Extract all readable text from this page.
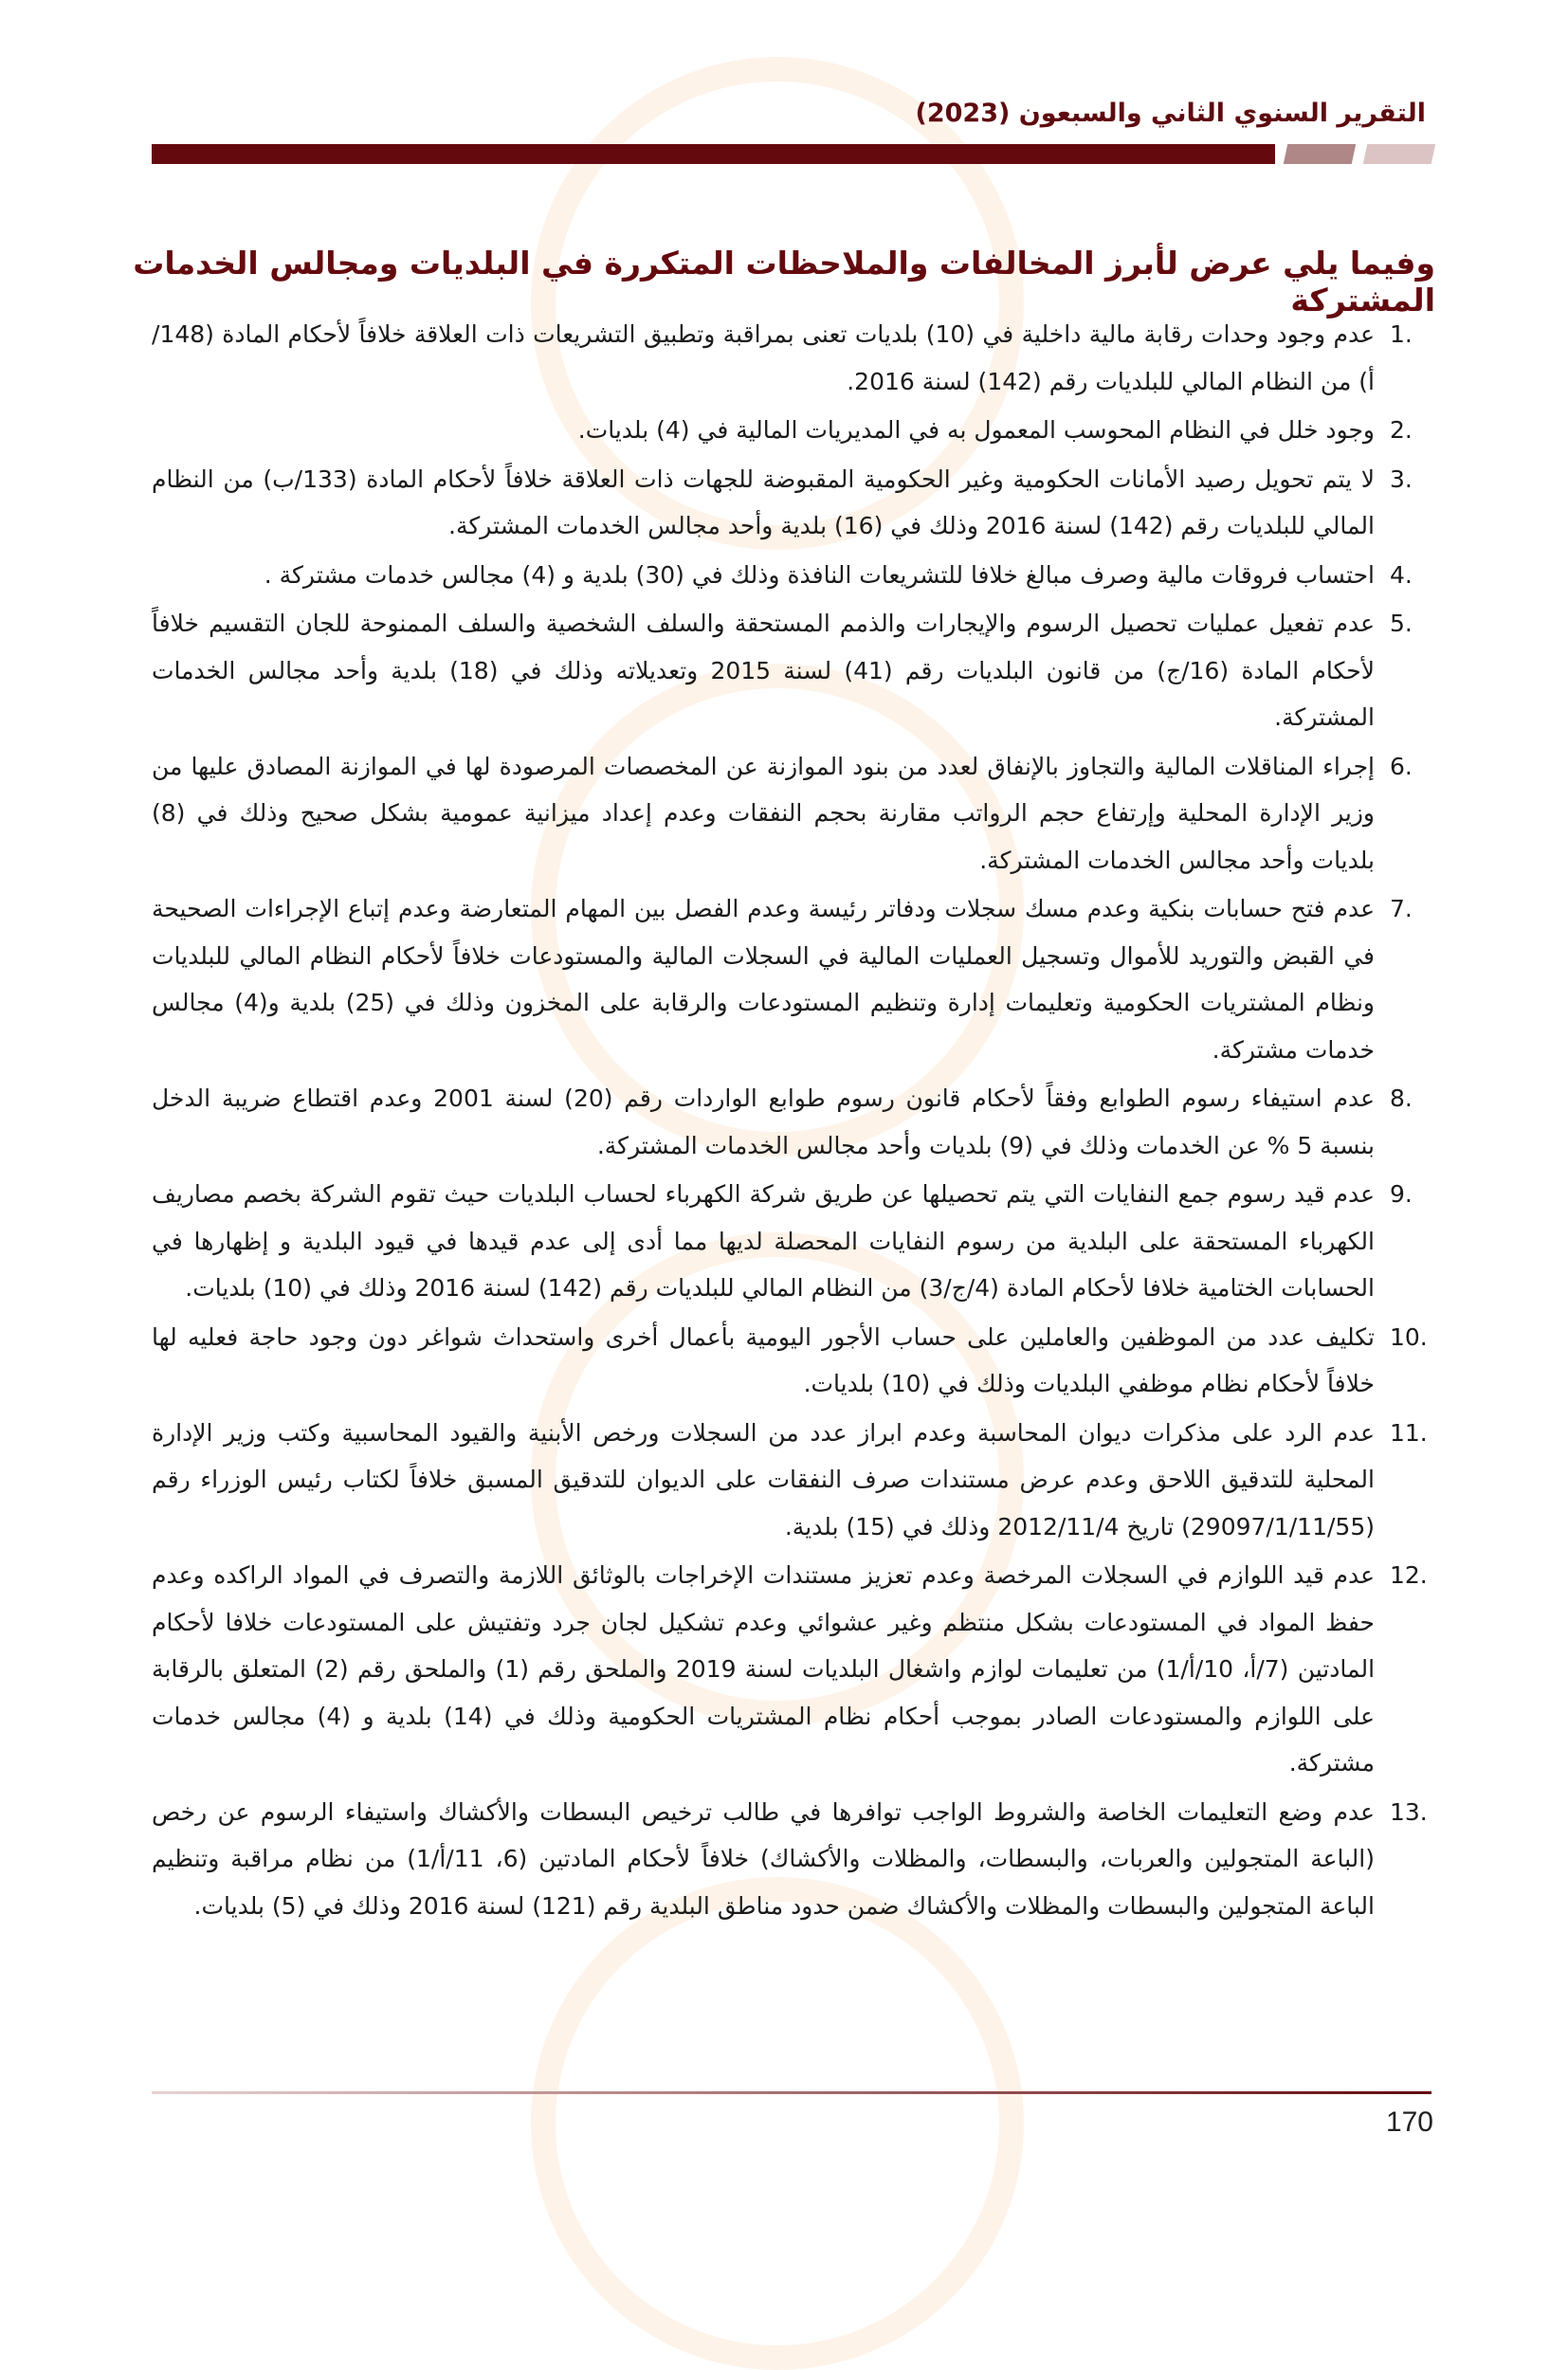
التقرير السنوي الثاني والسبعون (2023)
وفيما يلي عرض لأبرز المخالفات والملاحظات المتكررة في البلديات ومجالس الخدمات المشتركة
1.
عدم وجود وحدات رقابة مالية داخلية في (10) بلديات تعنى بمراقبة وتطبيق التشريعات ذات العلاقة خلافاً لأحكام المادة (148/أ) من النظام المالي للبلديات رقم (142) لسنة 2016.
2.
وجود خلل في النظام المحوسب المعمول به في المديريات المالية في (4) بلديات.
3.
لا يتم تحويل رصيد الأمانات الحكومية وغير الحكومية المقبوضة للجهات ذات العلاقة خلافاً لأحكام المادة (133/ب) من النظام المالي للبلديات رقم (142) لسنة 2016 وذلك في (16) بلدية وأحد مجالس الخدمات المشتركة.
4.
احتساب فروقات مالية وصرف مبالغ خلافا للتشريعات النافذة وذلك في (30) بلدية و (4) مجالس خدمات مشتركة .
5.
عدم تفعيل عمليات تحصيل الرسوم والإيجارات والذمم المستحقة والسلف الشخصية والسلف الممنوحة للجان التقسيم خلافاً لأحكام المادة (16/ج) من قانون البلديات رقم (41) لسنة 2015 وتعديلاته وذلك في (18) بلدية وأحد مجالس الخدمات المشتركة.
6.
إجراء المناقلات المالية والتجاوز بالإنفاق لعدد من بنود الموازنة عن المخصصات المرصودة لها في الموازنة المصادق عليها من وزير الإدارة المحلية وإرتفاع حجم الرواتب مقارنة بحجم النفقات وعدم إعداد ميزانية عمومية بشكل صحيح وذلك في (8) بلديات وأحد مجالس الخدمات المشتركة.
7.
عدم فتح حسابات بنكية وعدم مسك سجلات ودفاتر رئيسة وعدم الفصل بين المهام المتعارضة وعدم إتباع الإجراءات الصحيحة في القبض والتوريد للأموال وتسجيل العمليات المالية في السجلات المالية والمستودعات خلافاً لأحكام النظام المالي للبلديات ونظام المشتريات الحكومية وتعليمات إدارة وتنظيم المستودعات والرقابة على المخزون وذلك في (25) بلدية و(4) مجالس خدمات مشتركة.
8.
عدم استيفاء رسوم الطوابع وفقاً لأحكام قانون رسوم طوابع الواردات رقم (20) لسنة 2001 وعدم اقتطاع ضريبة الدخل بنسبة 5 % عن الخدمات وذلك في (9) بلديات وأحد مجالس الخدمات المشتركة.
9.
عدم قيد رسوم جمع النفايات التي يتم تحصيلها عن طريق شركة الكهرباء لحساب البلديات حيث تقوم الشركة بخصم مصاريف الكهرباء المستحقة على البلدية من رسوم النفايات المحصلة لديها مما أدى إلى عدم قيدها في قيود البلدية و إظهارها في الحسابات الختامية خلافا لأحكام المادة (4/ج/3) من النظام المالي للبلديات رقم (142) لسنة 2016 وذلك في (10) بلديات.
10.
تكليف عدد من الموظفين والعاملين على حساب الأجور اليومية بأعمال أخرى واستحداث شواغر دون وجود حاجة فعليه لها خلافاً لأحكام نظام موظفي البلديات وذلك في (10) بلديات.
11.
عدم الرد على مذكرات ديوان المحاسبة وعدم ابراز عدد من السجلات ورخص الأبنية والقيود المحاسبية وكتب وزير الإدارة المحلية للتدقيق اللاحق وعدم عرض مستندات صرف النفقات على الديوان للتدقيق المسبق خلافاً لكتاب رئيس الوزراء رقم (29097/1/11/55) تاريخ 2012/11/4 وذلك في (15) بلدية.
12.
عدم قيد اللوازم في السجلات المرخصة وعدم تعزيز مستندات الإخراجات بالوثائق اللازمة والتصرف في المواد الراكده وعدم حفظ المواد في المستودعات بشكل منتظم وغير عشوائي وعدم تشكيل لجان جرد وتفتيش على المستودعات خلافا لأحكام المادتين (7/أ، 10/أ/1) من تعليمات لوازم واشغال البلديات لسنة 2019 والملحق رقم (1) والملحق رقم (2) المتعلق بالرقابة على اللوازم والمستودعات الصادر بموجب أحكام نظام المشتريات الحكومية وذلك في (14) بلدية و (4) مجالس خدمات مشتركة.
13.
عدم وضع التعليمات الخاصة والشروط الواجب توافرها في طالب ترخيص البسطات والأكشاك واستيفاء الرسوم عن رخص (الباعة المتجولين والعربات، والبسطات، والمظلات والأكشاك) خلافاً لأحكام المادتين (6، 11/أ/1) من نظام مراقبة وتنظيم الباعة المتجولين والبسطات والمظلات والأكشاك ضمن حدود مناطق البلدية رقم (121) لسنة 2016 وذلك في (5) بلديات.
170
